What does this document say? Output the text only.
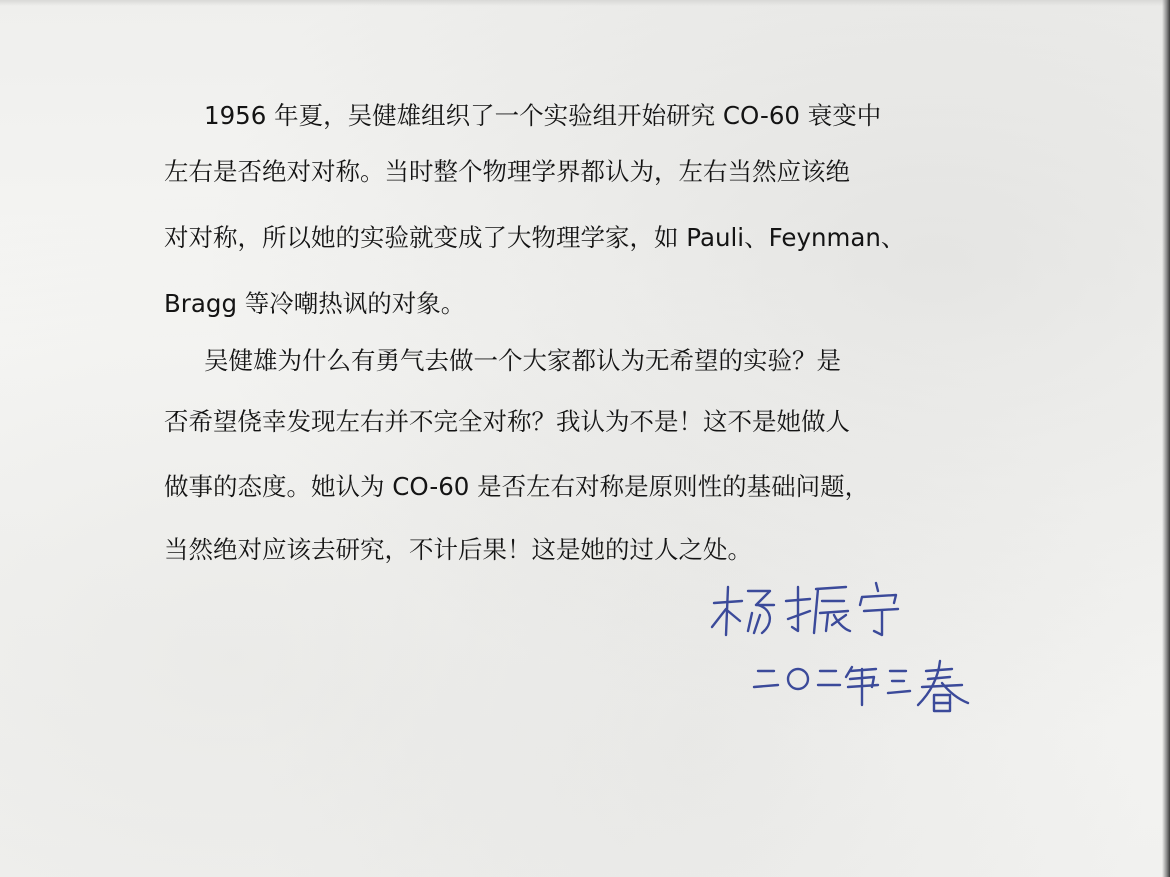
1956 年夏，吴健雄组织了一个实验组开始研究 CO-60 衰变中
左右是否绝对对称。当时整个物理学界都认为，左右当然应该绝
对对称，所以她的实验就变成了大物理学家，如 Pauli、Feynman、
Bragg 等冷嘲热讽的对象。
吴健雄为什么有勇气去做一个大家都认为无希望的实验？是
否希望侥幸发现左右并不完全对称？我认为不是！这不是她做人
做事的态度。她认为 CO-60 是否左右对称是原则性的基础问题，
当然绝对应该去研究，不计后果！这是她的过人之处。
